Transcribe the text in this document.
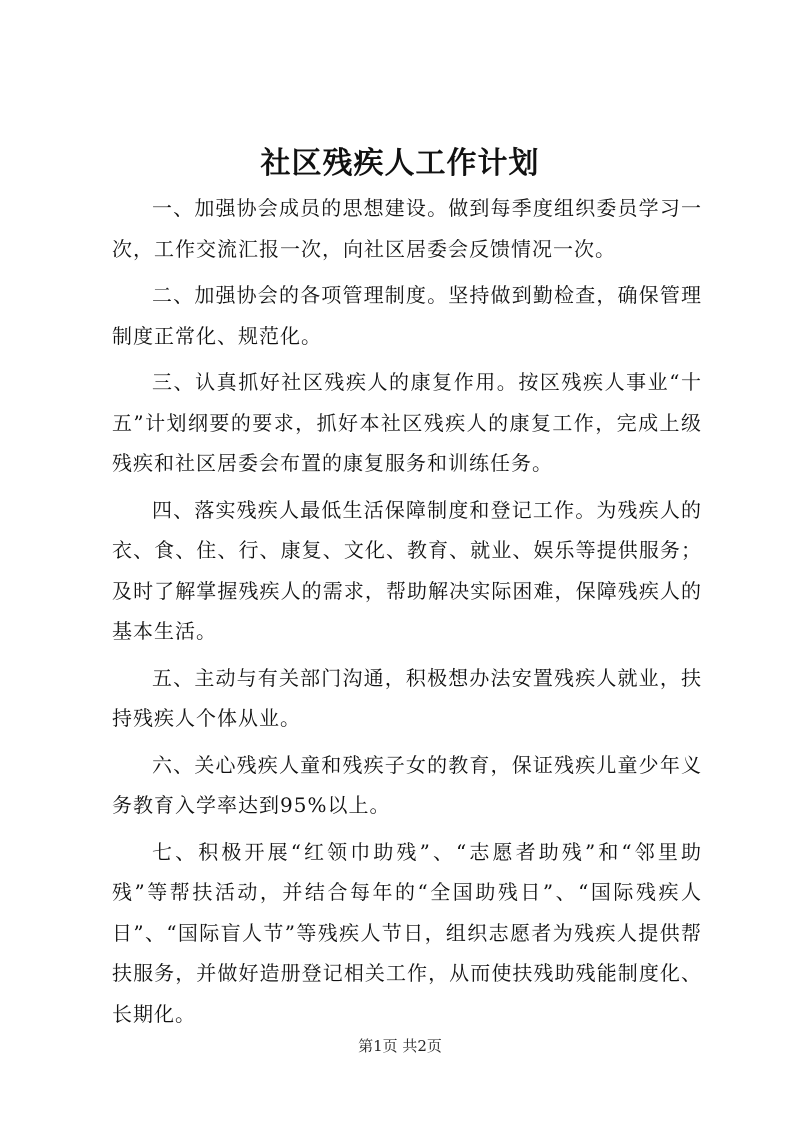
社区残疾人工作计划

一、加强协会成员的思想建设。做到每季度组织委员学习一次，工作交流汇报一次，向社区居委会反馈情况一次。

二、加强协会的各项管理制度。坚持做到勤检查，确保管理制度正常化、规范化。

三、认真抓好社区残疾人的康复作用。按区残疾人事业“十五”计划纲要的要求，抓好本社区残疾人的康复工作，完成上级残疾和社区居委会布置的康复服务和训练任务。

四、落实残疾人最低生活保障制度和登记工作。为残疾人的衣、食、住、行、康复、文化、教育、就业、娱乐等提供服务；及时了解掌握残疾人的需求，帮助解决实际困难，保障残疾人的基本生活。

五、主动与有关部门沟通，积极想办法安置残疾人就业，扶持残疾人个体从业。

六、关心残疾人童和残疾子女的教育，保证残疾儿童少年义务教育入学率达到95%以上。

七、积极开展“红领巾助残”、“志愿者助残”和“邻里助残”等帮扶活动，并结合每年的“全国助残日”、“国际残疾人日”、“国际盲人节”等残疾人节日，组织志愿者为残疾人提供帮扶服务，并做好造册登记相关工作，从而使扶残助残能制度化、长期化。

第1页 共2页
